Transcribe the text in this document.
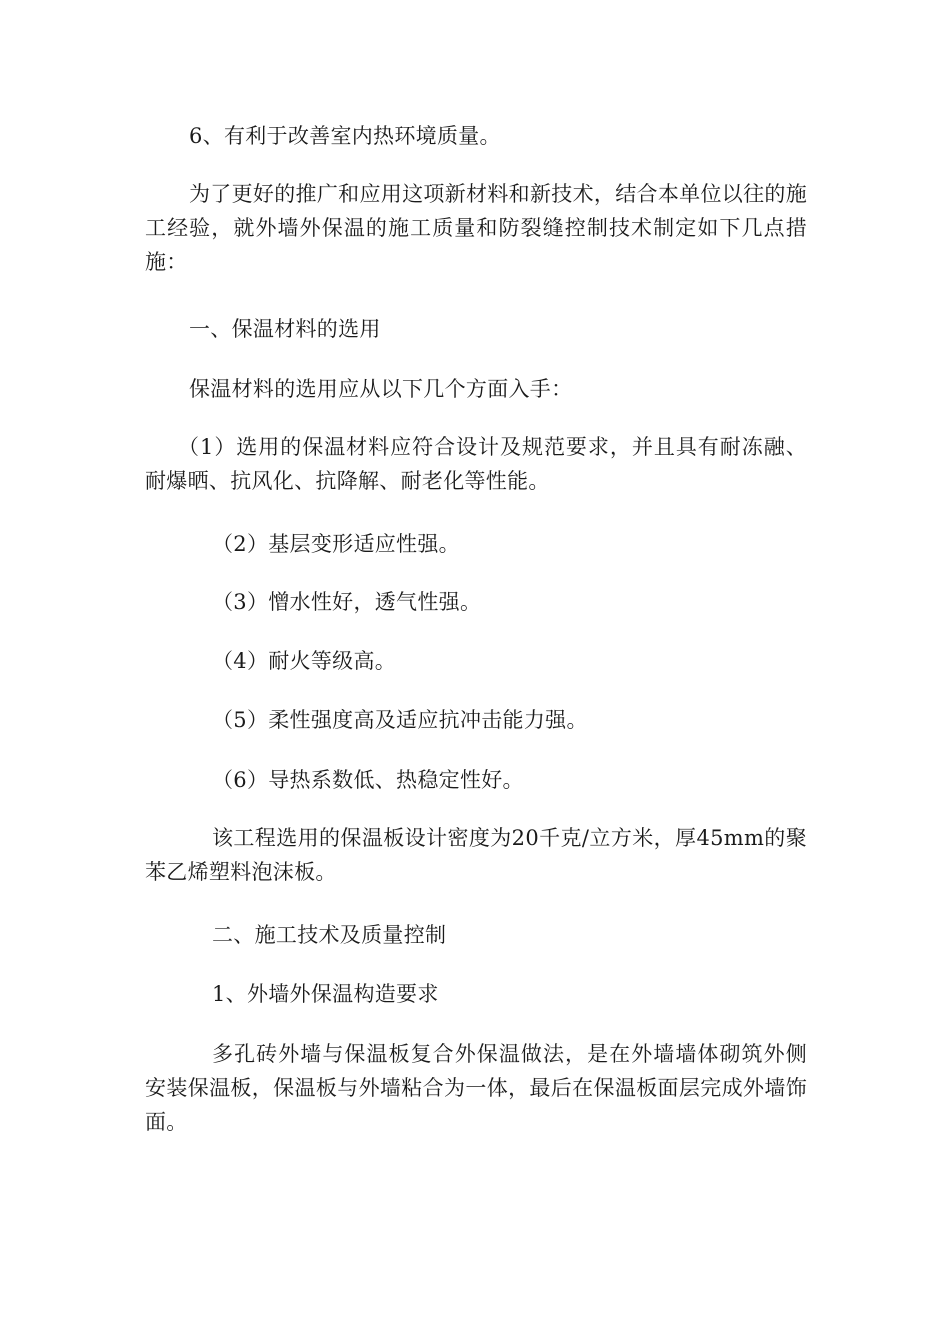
6、有利于改善室内热环境质量。

为了更好的推广和应用这项新材料和新技术，结合本单位以往的施工经验，就外墙外保温的施工质量和防裂缝控制技术制定如下几点措施：

一、保温材料的选用

保温材料的选用应从以下几个方面入手：

（1）选用的保温材料应符合设计及规范要求，并且具有耐冻融、耐爆晒、抗风化、抗降解、耐老化等性能。

（2）基层变形适应性强。

（3）憎水性好，透气性强。

（4）耐火等级高。

（5）柔性强度高及适应抗冲击能力强。

（6）导热系数低、热稳定性好。

该工程选用的保温板设计密度为20千克/立方米，厚45mm的聚苯乙烯塑料泡沫板。

二、施工技术及质量控制

1、外墙外保温构造要求

多孔砖外墙与保温板复合外保温做法，是在外墙墙体砌筑外侧安装保温板，保温板与外墙粘合为一体，最后在保温板面层完成外墙饰面。
